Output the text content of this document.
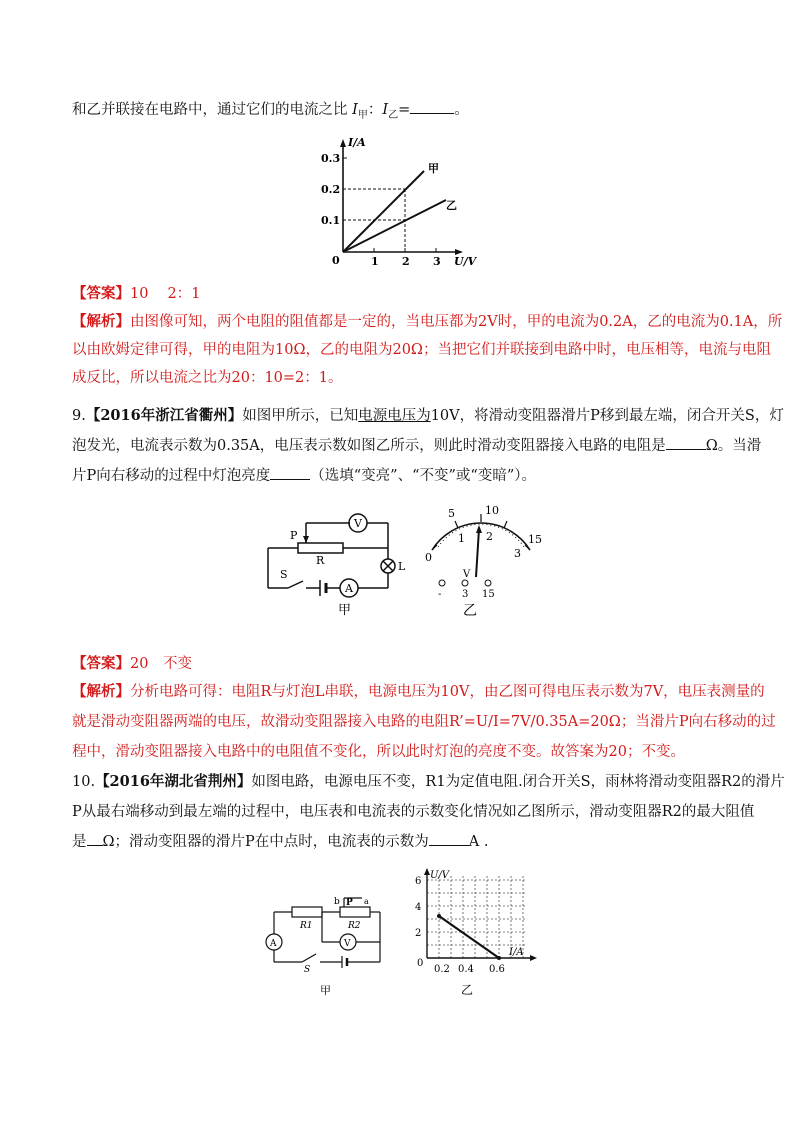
和乙并联接在电路中，通过它们的电流之比 $I_甲$：$I_乙=$	。
I/A
U/V
0
0.1
0.2
0.3
1 2 3
甲
乙
【答案】10　 2：1
【解析】由图像可知，两个电阻的阻值都是一定的，当电压都为2V时，甲的电流为0.2A，乙的电流为0.1A，所
以由欧姆定律可得，甲的电阻为10Ω，乙的电阻为20Ω；当把它们并联接到电路中时，电压相等，电流与电阻
成反比，所以电流之比为20：10=2：1。
9.【2016年浙江省衢州】如图甲所示，已知电源电压为10V，将滑动变阻器滑片P移到最左端，闭合开关S，灯
泡发光，电流表示数为0.35A，电压表示数如图乙所示，则此时滑动变阻器接入电路的电阻是	Ω。当滑
片P向右移动的过程中灯泡亮度	（选填“变亮”、“不变”或“变暗”）。
P
R
V
A
L
S
甲
5	10
15
0
1 2
3
V
- 3 15
乙
【答案】20　不变
【解析】分析电路可得：电阻R与灯泡L串联，电源电压为10V，由乙图可得电压表示数为7V，电压表测量的
就是滑动变阻器两端的电压，故滑动变阻器接入电路的电阻R’=U/I=7V/0.35A=20Ω；当滑片P向右移动的过
程中，滑动变阻器接入电路中的电阻值不变化，所以此时灯泡的亮度不变。故答案为20；不变。
10.【2016年湖北省荆州】如图电路，电源电压不变，R1为定值电阻.闭合开关S，雨林将滑动变阻器R2的滑片
P从最右端移动到最左端的过程中，电压表和电流表的示数变化情况如乙图所示，滑动变阻器R2的最大阻值
是 Ω；滑动变阻器的滑片P在中点时，电流表的示数为	A .
R1	R2
A	V
S
b P a
甲
U/V
I/A
0
2
4
6
0.2 0.4 0.6
乙
